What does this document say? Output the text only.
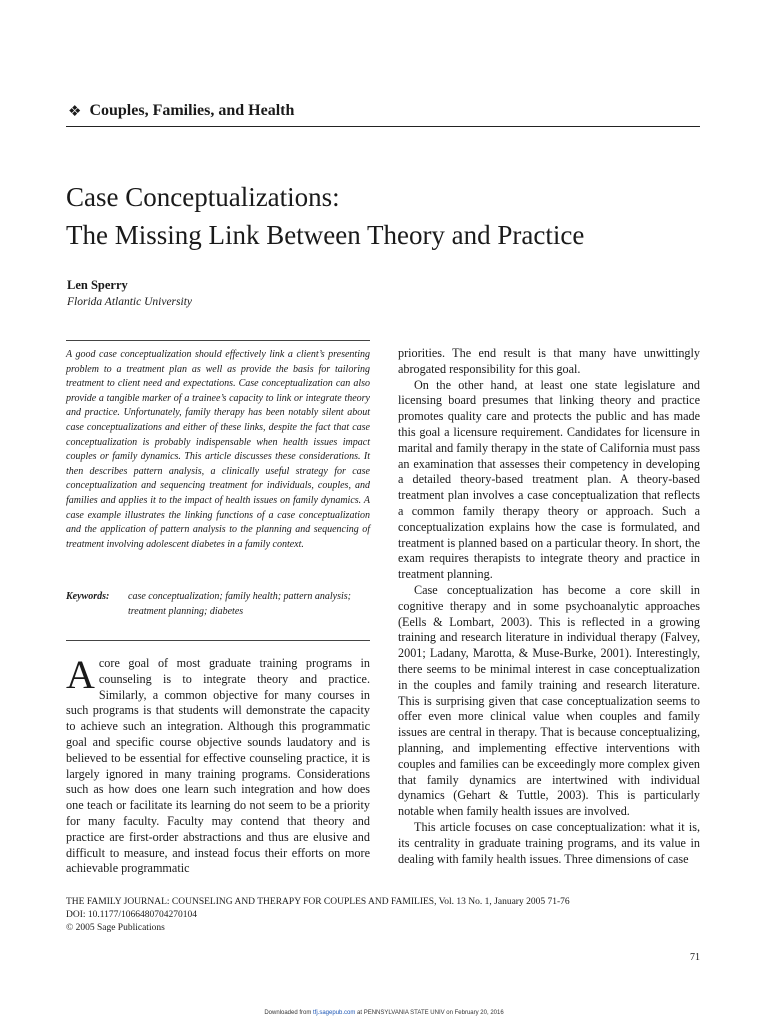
❖ Couples, Families, and Health
Case Conceptualizations:
The Missing Link Between Theory and Practice
Len Sperry
Florida Atlantic University
A good case conceptualization should effectively link a client’s presenting problem to a treatment plan as well as provide the basis for tailoring treatment to client need and expectations. Case conceptualization can also provide a tangible marker of a trainee’s capacity to link or integrate theory and practice. Unfortunately, family therapy has been notably silent about case conceptualizations and either of these links, despite the fact that case conceptualization is probably indispensable when health issues impact couples or family dynamics. This article discusses these considerations. It then describes pattern analysis, a clinically useful strategy for case conceptualization and sequencing treatment for individuals, couples, and families and applies it to the impact of health issues on family dynamics. A case example illustrates the linking functions of a case conceptualization and the application of pattern analysis to the planning and sequencing of treatment involving adolescent diabetes in a family context.
Keywords:	case conceptualization; family health; pattern analysis; treatment planning; diabetes
A core goal of most graduate training programs in counseling is to integrate theory and practice. Similarly, a common objective for many courses in such programs is that students will demonstrate the capacity to achieve such an integration. Although this programmatic goal and specific course objective sounds laudatory and is believed to be essential for effective counseling practice, it is largely ignored in many training programs. Considerations such as how does one learn such integration and how does one teach or facilitate its learning do not seem to be a priority for many faculty. Faculty may contend that theory and practice are first-order abstractions and thus are elusive and difficult to measure, and instead focus their efforts on more achievable programmatic

priorities. The end result is that many have unwittingly abrogated responsibility for this goal.

On the other hand, at least one state legislature and licensing board presumes that linking theory and practice promotes quality care and protects the public and has made this goal a licensure requirement. Candidates for licensure in marital and family therapy in the state of California must pass an examination that assesses their competency in developing a detailed theory-based treatment plan. A theory-based treatment plan involves a case conceptualization that reflects a common family therapy theory or approach. Such a conceptualization explains how the case is formulated, and treatment is planned based on a particular theory. In short, the exam requires therapists to integrate theory and practice in treatment planning.

Case conceptualization has become a core skill in cognitive therapy and in some psychoanalytic approaches (Eells & Lombart, 2003). This is reflected in a growing training and research literature in individual therapy (Falvey, 2001; Ladany, Marotta, & Muse-Burke, 2001). Interestingly, there seems to be minimal interest in case conceptualization in the couples and family training and research literature. This is surprising given that case conceptualization seems to offer even more clinical value when couples and family issues are central in therapy. That is because conceptualizing, planning, and implementing effective interventions with couples and families can be exceedingly more complex given that family dynamics are intertwined with individual dynamics (Gehart & Tuttle, 2003). This is particularly notable when family health issues are involved.

This article focuses on case conceptualization: what it is, its centrality in graduate training programs, and its value in dealing with family health issues. Three dimensions of case

THE FAMILY JOURNAL: COUNSELING AND THERAPY FOR COUPLES AND FAMILIES, Vol. 13 No. 1, January 2005 71-76
DOI: 10.1177/1066480704270104
© 2005 Sage Publications
71
Downloaded from tfj.sagepub.com at PENNSYLVANIA STATE UNIV on February 20, 2016
